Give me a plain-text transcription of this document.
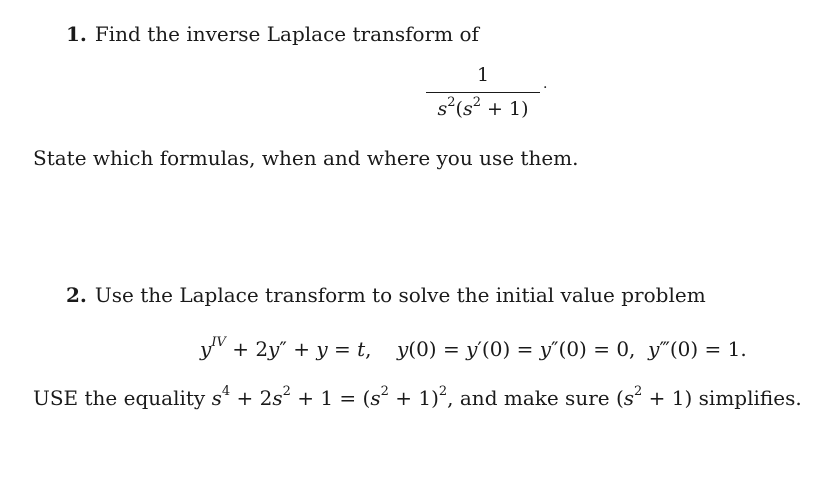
1. Find the inverse Laplace transform of
1
$s^2(s^2 + 1)$
·
State which formulas, when and where you use them.
2. Use the Laplace transform to solve the initial value problem
$y^{IV} + 2y'' + y = t$,    y(0) = y′(0) = y″(0) = 0,  y‴(0) = 1.
USE the equality $s^4 + 2s^2 + 1 = (s^2 + 1)^2$, and make sure $(s^2 + 1)$ simplifies.
